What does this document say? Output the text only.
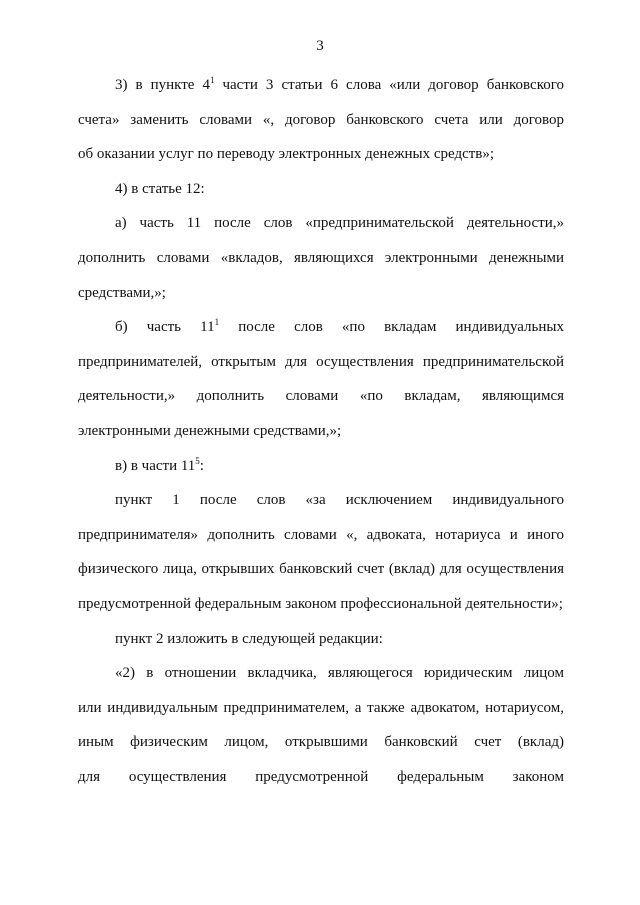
3
3) в пункте $4^1$ части 3 статьи 6 слова «или договор банковского
счета» заменить словами «, договор банковского счета или договор
об оказании услуг по переводу электронных денежных средств»;
4) в статье 12:
а) часть 11 после слов «предпринимательской деятельности,»
дополнить словами «вкладов, являющихся электронными денежными
средствами,»;
б) часть $11^1$ после слов «по вкладам индивидуальных
предпринимателей, открытым для осуществления предпринимательской
деятельности,» дополнить словами «по вкладам, являющимся
электронными денежными средствами,»;
в) в части $11^5$:
пункт 1 после слов «за исключением индивидуального
предпринимателя» дополнить словами «, адвоката, нотариуса и иного
физического лица, открывших банковский счет (вклад) для осуществления
предусмотренной федеральным законом профессиональной деятельности»;
пункт 2 изложить в следующей редакции:
«2) в отношении вкладчика, являющегося юридическим лицом
или индивидуальным предпринимателем, а также адвокатом, нотариусом,
иным физическим лицом, открывшими банковский счет (вклад)
для осуществления предусмотренной федеральным законом
